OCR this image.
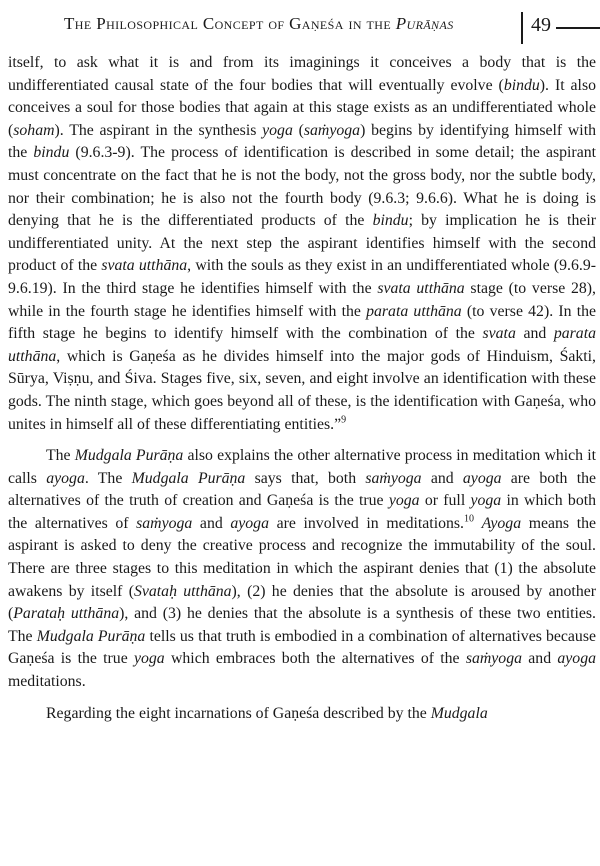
The Philosophical Concept of Gaṇeśa in the Purāṇas	49

itself, to ask what it is and from its imaginings it conceives a body that is the undifferentiated causal state of the four bodies that will eventually evolve (bindu). It also conceives a soul for those bodies that again at this stage exists as an undifferentiated whole (soham). The aspirant in the synthesis yoga (saṁyoga) begins by identifying himself with the bindu (9.6.3-9). The process of identification is described in some detail; the aspirant must concentrate on the fact that he is not the body, not the gross body, nor the subtle body, nor their combination; he is also not the fourth body (9.6.3; 9.6.6). What he is doing is denying that he is the differentiated products of the bindu; by implication he is their undifferentiated unity. At the next step the aspirant identifies himself with the second product of the svata utthāna, with the souls as they exist in an undifferentiated whole (9.6.9-9.6.19). In the third stage he identifies himself with the svata utthāna stage (to verse 28), while in the fourth stage he identifies himself with the parata utthāna (to verse 42). In the fifth stage he begins to identify himself with the combination of the svata and parata utthāna, which is Gaṇeśa as he divides himself into the major gods of Hinduism, Śakti, Sūrya, Viṣṇu, and Śiva. Stages five, six, seven, and eight involve an identification with these gods. The ninth stage, which goes beyond all of these, is the identification with Gaṇeśa, who unites in himself all of these differentiating entities.”$^9$

The Mudgala Purāṇa also explains the other alternative process in meditation which it calls ayoga. The Mudgala Purāṇa says that, both saṁyoga and ayoga are both the alternatives of the truth of creation and Gaṇeśa is the true yoga or full yoga in which both the alternatives of saṁyoga and ayoga are involved in meditations.$^{10}$ Ayoga means the aspirant is asked to deny the creative process and recognize the immutability of the soul. There are three stages to this meditation in which the aspirant denies that (1) the absolute awakens by itself (Svataḥ utthāna), (2) he denies that the absolute is aroused by another (Parataḥ utthāna), and (3) he denies that the absolute is a synthesis of these two entities. The Mudgala Purāṇa tells us that truth is embodied in a combination of alternatives because Gaṇeśa is the true yoga which embraces both the alternatives of the saṁyoga and ayoga meditations.

Regarding the eight incarnations of Gaṇeśa described by the Mudgala
